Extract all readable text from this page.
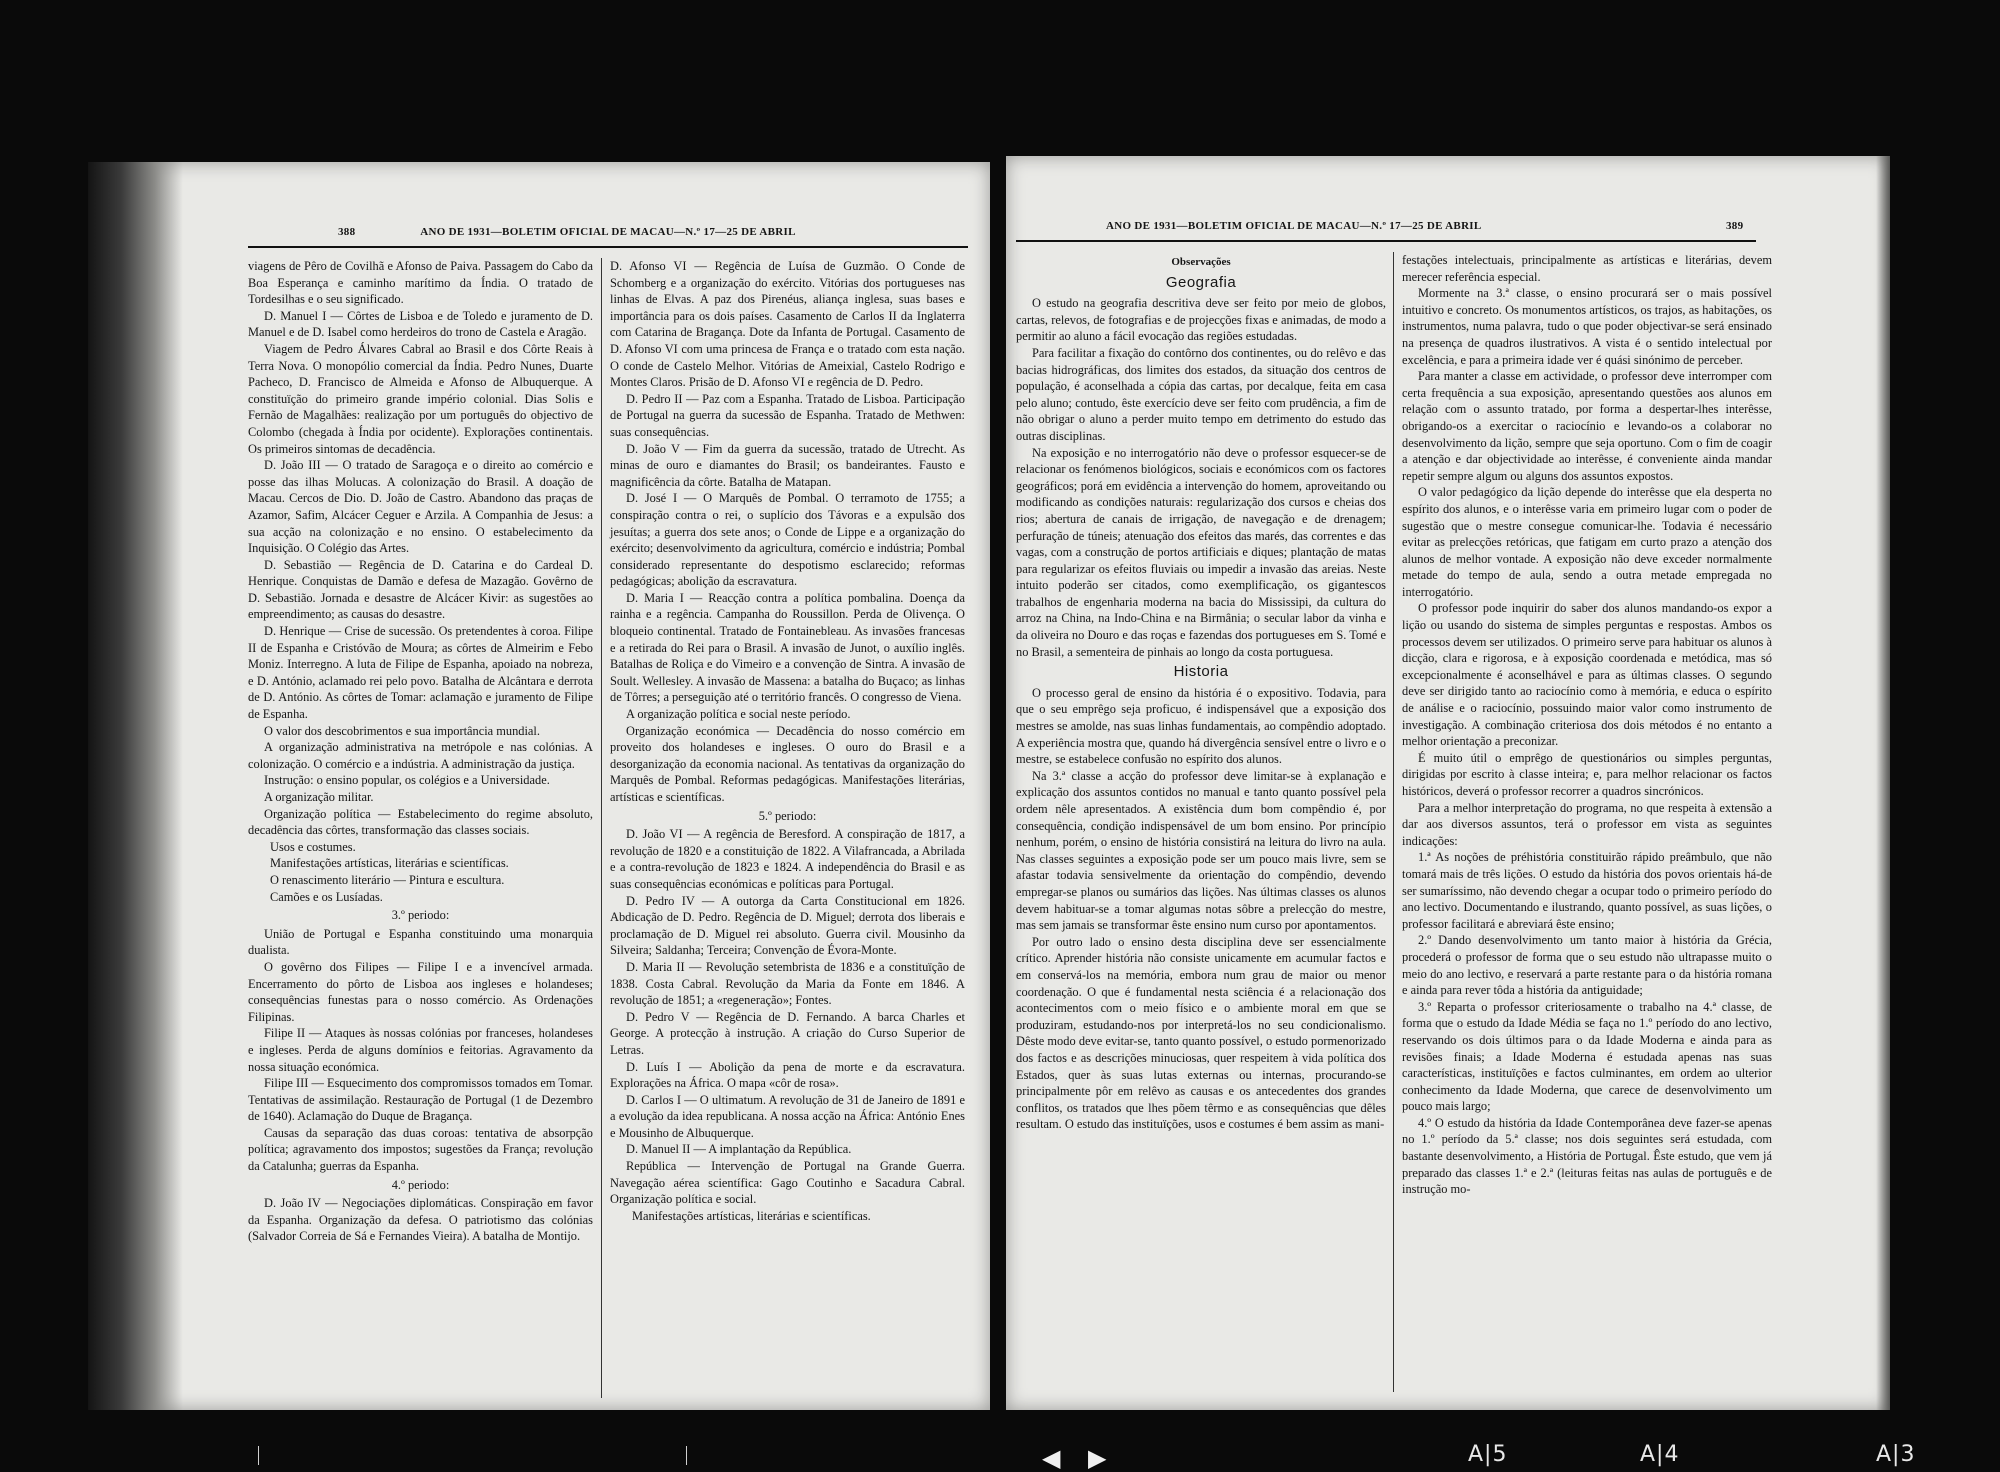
388	ANO DE 1931—BOLETIM OFICIAL DE MACAU—N.º 17—25 DE ABRIL

viagens de Pêro de Covilhã e Afonso de Paiva. Passagem do Cabo da Boa Esperança e caminho marítimo da Índia. O tratado de Tordesilhas e o seu significado.

D. Manuel I — Côrtes de Lisboa e de Toledo e juramento de D. Manuel e de D. Isabel como herdeiros do trono de Castela e Aragão.

Viagem de Pedro Álvares Cabral ao Brasil e dos Côrte Reais à Terra Nova. O monopólio comercial da Índia. Pedro Nunes, Duarte Pacheco, D. Francisco de Almeida e Afonso de Albuquerque. A constituïção do primeiro grande império colonial. Dias Solis e Fernão de Magalhães: realização por um português do objectivo de Colombo (chegada à Índia por ocidente). Explorações continentais. Os primeiros sintomas de decadência.

D. João III — O tratado de Saragoça e o direito ao comércio e posse das ilhas Molucas. A colonização do Brasil. A doação de Macau. Cercos de Dio. D. João de Castro. Abandono das praças de Azamor, Safim, Alcácer Ceguer e Arzila. A Companhia de Jesus: a sua acção na colonização e no ensino. O estabelecimento da Inquisição. O Colégio das Artes.

D. Sebastião — Regência de D. Catarina e do Cardeal D. Henrique. Conquistas de Damão e defesa de Mazagão. Govêrno de D. Sebastião. Jornada e desastre de Alcácer Kivir: as sugestões ao empreendimento; as causas do desastre.

D. Henrique — Crise de sucessão. Os pretendentes à coroa. Filipe II de Espanha e Cristóvão de Moura; as côrtes de Almeirim e Febo Moniz. Interregno. A luta de Filipe de Espanha, apoiado na nobreza, e D. António, aclamado rei pelo povo. Batalha de Alcântara e derrota de D. António. As côrtes de Tomar: aclamação e juramento de Filipe de Espanha.

O valor dos descobrimentos e sua importância mundial.

A organização administrativa na metrópole e nas colónias. A colonização. O comércio e a indústria. A administração da justiça.

Instrução: o ensino popular, os colégios e a Universidade.

A organização militar.

Organização política — Estabelecimento do regime absoluto, decadência das côrtes, transformação das classes sociais.

Usos e costumes.

Manifestações artísticas, literárias e scientíficas.

O renascimento literário — Pintura e escultura.

Camões e os Lusíadas.

3.º periodo:

União de Portugal e Espanha constituindo uma monarquia dualista.

O govêrno dos Filipes — Filipe I e a invencível armada. Encerramento do pôrto de Lisboa aos ingleses e holandeses; consequências funestas para o nosso comércio. As Ordenações Filipinas.

Filipe II — Ataques às nossas colónias por franceses, holandeses e ingleses. Perda de alguns domínios e feitorias. Agravamento da nossa situação económica.

Filipe III — Esquecimento dos compromissos tomados em Tomar. Tentativas de assimilação. Restauração de Portugal (1 de Dezembro de 1640). Aclamação do Duque de Bragança.

Causas da separação das duas coroas: tentativa de absorpção política; agravamento dos impostos; sugestões da França; revolução da Catalunha; guerras da Espanha.

4.º periodo:

D. João IV — Negociações diplomáticas. Conspiração em favor da Espanha. Organização da defesa. O patriotismo das colónias (Salvador Correia de Sá e Fernandes Vieira). A batalha de Montijo.

D. Afonso VI — Regência de Luísa de Guzmão. O Conde de Schomberg e a organização do exército. Vitórias dos portugueses nas linhas de Elvas. A paz dos Pirenéus, aliança inglesa, suas bases e importância para os dois países. Casamento de Carlos II da Inglaterra com Catarina de Bragança. Dote da Infanta de Portugal. Casamento de D. Afonso VI com uma princesa de França e o tratado com esta nação. O conde de Castelo Melhor. Vitórias de Ameixial, Castelo Rodrigo e Montes Claros. Prisão de D. Afonso VI e regência de D. Pedro.

D. Pedro II — Paz com a Espanha. Tratado de Lisboa. Participação de Portugal na guerra da sucessão de Espanha. Tratado de Methwen: suas consequências.

D. João V — Fim da guerra da sucessão, tratado de Utrecht. As minas de ouro e diamantes do Brasil; os bandeirantes. Fausto e magnificência da côrte. Batalha de Matapan.

D. José I — O Marquês de Pombal. O terramoto de 1755; a conspiração contra o rei, o suplício dos Távoras e a expulsão dos jesuítas; a guerra dos sete anos; o Conde de Lippe e a organização do exército; desenvolvimento da agricultura, comércio e indústria; Pombal considerado representante do despotismo esclarecido; reformas pedagógicas; abolição da escravatura.

D. Maria I — Reacção contra a política pombalina. Doença da rainha e a regência. Campanha do Roussillon. Perda de Olivença. O bloqueio continental. Tratado de Fontainebleau. As invasões francesas e a retirada do Rei para o Brasil. A invasão de Junot, o auxílio inglês. Batalhas de Roliça e do Vimeiro e a convenção de Sintra. A invasão de Soult. Wellesley. A invasão de Massena: a batalha do Buçaco; as linhas de Tôrres; a perseguição até o território francês. O congresso de Viena.

A organização política e social neste período.

Organização económica — Decadência do nosso comércio em proveito dos holandeses e ingleses. O ouro do Brasil e a desorganização da economia nacional. As tentativas da organização do Marquês de Pombal. Reformas pedagógicas. Manifestações literárias, artísticas e scientíficas.

5.º periodo:

D. João VI — A regência de Beresford. A conspiração de 1817, a revolução de 1820 e a constituição de 1822. A Vilafrancada, a Abrilada e a contra-revolução de 1823 e 1824. A independência do Brasil e as suas consequências económicas e políticas para Portugal.

D. Pedro IV — A outorga da Carta Constitucional em 1826. Abdicação de D. Pedro. Regência de D. Miguel; derrota dos liberais e proclamação de D. Miguel rei absoluto. Guerra civil. Mousinho da Silveira; Saldanha; Terceira; Convenção de Évora-Monte.

D. Maria II — Revolução setembrista de 1836 e a constituïção de 1838. Costa Cabral. Revolução da Maria da Fonte em 1846. A revolução de 1851; a «regeneração»; Fontes.

D. Pedro V — Regência de D. Fernando. A barca Charles et George. A protecção à instrução. A criação do Curso Superior de Letras.

D. Luís I — Abolição da pena de morte e da escravatura. Explorações na África. O mapa «côr de rosa».

D. Carlos I — O ultimatum. A revolução de 31 de Janeiro de 1891 e a evolução da idea republicana. A nossa acção na África: António Enes e Mousinho de Albuquerque.

D. Manuel II — A implantação da República.

República — Intervenção de Portugal na Grande Guerra. Navegação aérea scientífica: Gago Coutinho e Sacadura Cabral. Organização política e social.

Manifestações artísticas, literárias e scientíficas.

ANO DE 1931—BOLETIM OFICIAL DE MACAU—N.º 17—25 DE ABRIL	389

Observações

Geografia

O estudo na geografia descritiva deve ser feito por meio de globos, cartas, relevos, de fotografias e de projecções fixas e animadas, de modo a permitir ao aluno a fácil evocação das regiões estudadas.

Para facilitar a fixação do contôrno dos continentes, ou do relêvo e das bacias hidrográficas, dos limites dos estados, da situação dos centros de população, é aconselhada a cópia das cartas, por decalque, feita em casa pelo aluno; contudo, êste exercício deve ser feito com prudência, a fim de não obrigar o aluno a perder muito tempo em detrimento do estudo das outras disciplinas.

Na exposição e no interrogatório não deve o professor esquecer-se de relacionar os fenómenos biológicos, sociais e económicos com os factores geográficos; porá em evidência a intervenção do homem, aproveitando ou modificando as condições naturais: regularização dos cursos e cheias dos rios; abertura de canais de irrigação, de navegação e de drenagem; perfuração de túneis; atenuação dos efeitos das marés, das correntes e das vagas, com a construção de portos artificiais e diques; plantação de matas para regularizar os efeitos fluviais ou impedir a invasão das areias. Neste intuito poderão ser citados, como exemplificação, os gigantescos trabalhos de engenharia moderna na bacia do Mississipi, da cultura do arroz na China, na Indo-China e na Birmânia; o secular labor da vinha e da oliveira no Douro e das roças e fazendas dos portugueses em S. Tomé e no Brasil, a sementeira de pinhais ao longo da costa portuguesa.

Historia

O processo geral de ensino da história é o expositivo. Todavia, para que o seu emprêgo seja proficuo, é indispensável que a exposição dos mestres se amolde, nas suas linhas fundamentais, ao compêndio adoptado. A experiência mostra que, quando há divergência sensível entre o livro e o mestre, se estabelece confusão no espírito dos alunos.

Na 3.ª classe a acção do professor deve limitar-se à explanação e explicação dos assuntos contidos no manual e tanto quanto possível pela ordem nêle apresentados. A existência dum bom compêndio é, por consequência, condição indispensável de um bom ensino. Por princípio nenhum, porém, o ensino de história consistirá na leitura do livro na aula. Nas classes seguintes a exposição pode ser um pouco mais livre, sem se afastar todavia sensivelmente da orientação do compêndio, devendo empregar-se planos ou sumários das lições. Nas últimas classes os alunos devem habituar-se a tomar algumas notas sôbre a prelecção do mestre, mas sem jamais se transformar êste ensino num curso por apontamentos.

Por outro lado o ensino desta disciplina deve ser essencialmente crítico. Aprender história não consiste unicamente em acumular factos e em conservá-los na memória, embora num grau de maior ou menor coordenação. O que é fundamental nesta sciência é a relacionação dos acontecimentos com o meio físico e o ambiente moral em que se produziram, estudando-nos por interpretá-los no seu condicionalismo. Dêste modo deve evitar-se, tanto quanto possível, o estudo pormenorizado dos factos e as descrições minuciosas, quer respeitem à vida política dos Estados, quer às suas lutas externas ou internas, procurando-se principalmente pôr em relêvo as causas e os antecedentes dos grandes conflitos, os tratados que lhes põem têrmo e as consequências que dêles resultam. O estudo das instituïções, usos e costumes é bem assim as mani-

festações intelectuais, principalmente as artísticas e literárias, devem merecer referência especial.

Mormente na 3.ª classe, o ensino procurará ser o mais possível intuitivo e concreto. Os monumentos artísticos, os trajos, as habitações, os instrumentos, numa palavra, tudo o que poder objectivar-se será ensinado na presença de quadros ilustrativos. A vista é o sentido intelectual por excelência, e para a primeira idade ver é quási sinónimo de perceber.

Para manter a classe em actividade, o professor deve interromper com certa frequência a sua exposição, apresentando questões aos alunos em relação com o assunto tratado, por forma a despertar-lhes interêsse, obrigando-os a exercitar o raciocínio e levando-os a colaborar no desenvolvimento da lição, sempre que seja oportuno. Com o fim de coagir a atenção e dar objectividade ao interêsse, é conveniente ainda mandar repetir sempre algum ou alguns dos assuntos expostos.

O valor pedagógico da lição depende do interêsse que ela desperta no espírito dos alunos, e o interêsse varia em primeiro lugar com o poder de sugestão que o mestre consegue comunicar-lhe. Todavia é necessário evitar as prelecções retóricas, que fatigam em curto prazo a atenção dos alunos de melhor vontade. A exposição não deve exceder normalmente metade do tempo de aula, sendo a outra metade empregada no interrogatório.

O professor pode inquirir do saber dos alunos mandando-os expor a lição ou usando do sistema de simples perguntas e respostas. Ambos os processos devem ser utilizados. O primeiro serve para habituar os alunos à dicção, clara e rigorosa, e à exposição coordenada e metódica, mas só excepcionalmente é aconselhável e para as últimas classes. O segundo deve ser dirigido tanto ao raciocínio como à memória, e educa o espírito de análise e o raciocínio, possuindo maior valor como instrumento de investigação. A combinação criteriosa dos dois métodos é no entanto a melhor orientação a preconizar.

É muito útil o emprêgo de questionários ou simples perguntas, dirigidas por escrito à classe inteira; e, para melhor relacionar os factos históricos, deverá o professor recorrer a quadros sincrónicos.

Para a melhor interpretação do programa, no que respeita à extensão a dar aos diversos assuntos, terá o professor em vista as seguintes indicações:

1.ª As noções de préhistória constituirão rápido preâmbulo, que não tomará mais de três lições. O estudo da história dos povos orientais há-de ser sumaríssimo, não devendo chegar a ocupar todo o primeiro período do ano lectivo. Documentando e ilustrando, quanto possível, as suas lições, o professor facilitará e abreviará êste ensino;

2.º Dando desenvolvimento um tanto maior à história da Grécia, procederá o professor de forma que o seu estudo não ultrapasse muito o meio do ano lectivo, e reservará a parte restante para o da história romana e ainda para rever tôda a história da antiguidade;

3.º Reparta o professor criteriosamente o trabalho na 4.ª classe, de forma que o estudo da Idade Média se faça no 1.º período do ano lectivo, reservando os dois últimos para o da Idade Moderna e ainda para as revisões finais; a Idade Moderna é estudada apenas nas suas características, instituïções e factos culminantes, em ordem ao ulterior conhecimento da Idade Moderna, que carece de desenvolvimento um pouco mais largo;

4.º O estudo da história da Idade Contemporânea deve fazer-se apenas no 1.º período da 5.ª classe; nos dois seguintes será estudada, com bastante desenvolvimento, a História de Portugal. Êste estudo, que vem já preparado das classes 1.ª e 2.ª (leituras feitas nas aulas de português e de instrução mo-

◀ ▶	A|5	A|4	A|3
